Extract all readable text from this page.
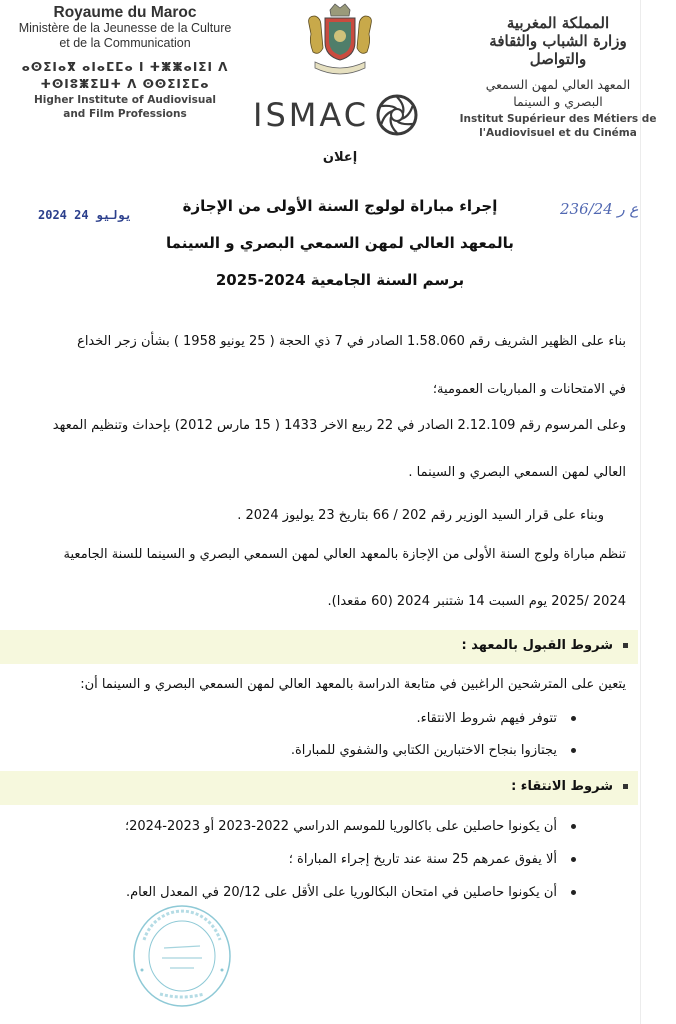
Royaume du Maroc
Ministère de la Jeunesse de la Culture
et de la Communication
ⴰⵙⵉⵏⴰⴳ ⴰⵏⴰⵎⵎⴰ ⵏ ⵜⵥⵥⴰⵏⵉⵏ ⴷ
ⵜⵙⵏⵓⵥⵉⵡⵜ ⴷ ⵙⵙⵉⵏⵉⵎⴰ
Higher Institute of Audiovisual
and Film Professions	ISMAC
إعلان
المملكة المغربية
وزارة الشباب والثقافة
والتواصل
المعهد العالي لمهن السمعي
البصري و السينما
Institut Supérieur des Métiers de
l'Audiovisuel et du Cinéma
2024 يوليو 24	236/24 ع ر
إجراء مباراة لولوج السنة الأولى من الإجازة
بالمعهد العالي لمهن السمعي البصري و السينما
برسم السنة الجامعية 2024-2025
بناء على الظهير الشريف رقم 1.58.060 الصادر في 7 ذي الحجة ( 25 يونيو 1958 ) بشأن زجر الخداع
في الامتحانات و المباريات العمومية؛
وعلى المرسوم رقم 2.12.109 الصادر في 22 ربيع الاخر 1433 ( 15 مارس 2012) بإحداث وتنظيم المعهد
العالي لمهن السمعي البصري و السينما .
وبناء على قرار السيد الوزير رقم 202 / 66 بتاريخ 23 يوليوز 2024 .
تنظم مباراة ولوج السنة الأولى من الإجازة بالمعهد العالي لمهن السمعي البصري و السينما للسنة الجامعية
2024 /2025 يوم السبت 14 شتنبر 2024 (60 مقعدا).
شروط القبول بالمعهد :
يتعين على المترشحين الراغبين في متابعة الدراسة بالمعهد العالي لمهن السمعي البصري و السينما أن:
تتوفر فيهم شروط الانتقاء.
يجتازوا بنجاح الاختبارين الكتابي والشفوي للمباراة.
شروط الانتقاء :
أن يكونوا حاصلين على باكالوريا للموسم الدراسي 2022-2023 أو 2023-2024؛
ألا يفوق عمرهم 25 سنة عند تاريخ إجراء المباراة ؛
أن يكونوا حاصلين في امتحان البكالوريا على الأقل على 20/12 في المعدل العام.
